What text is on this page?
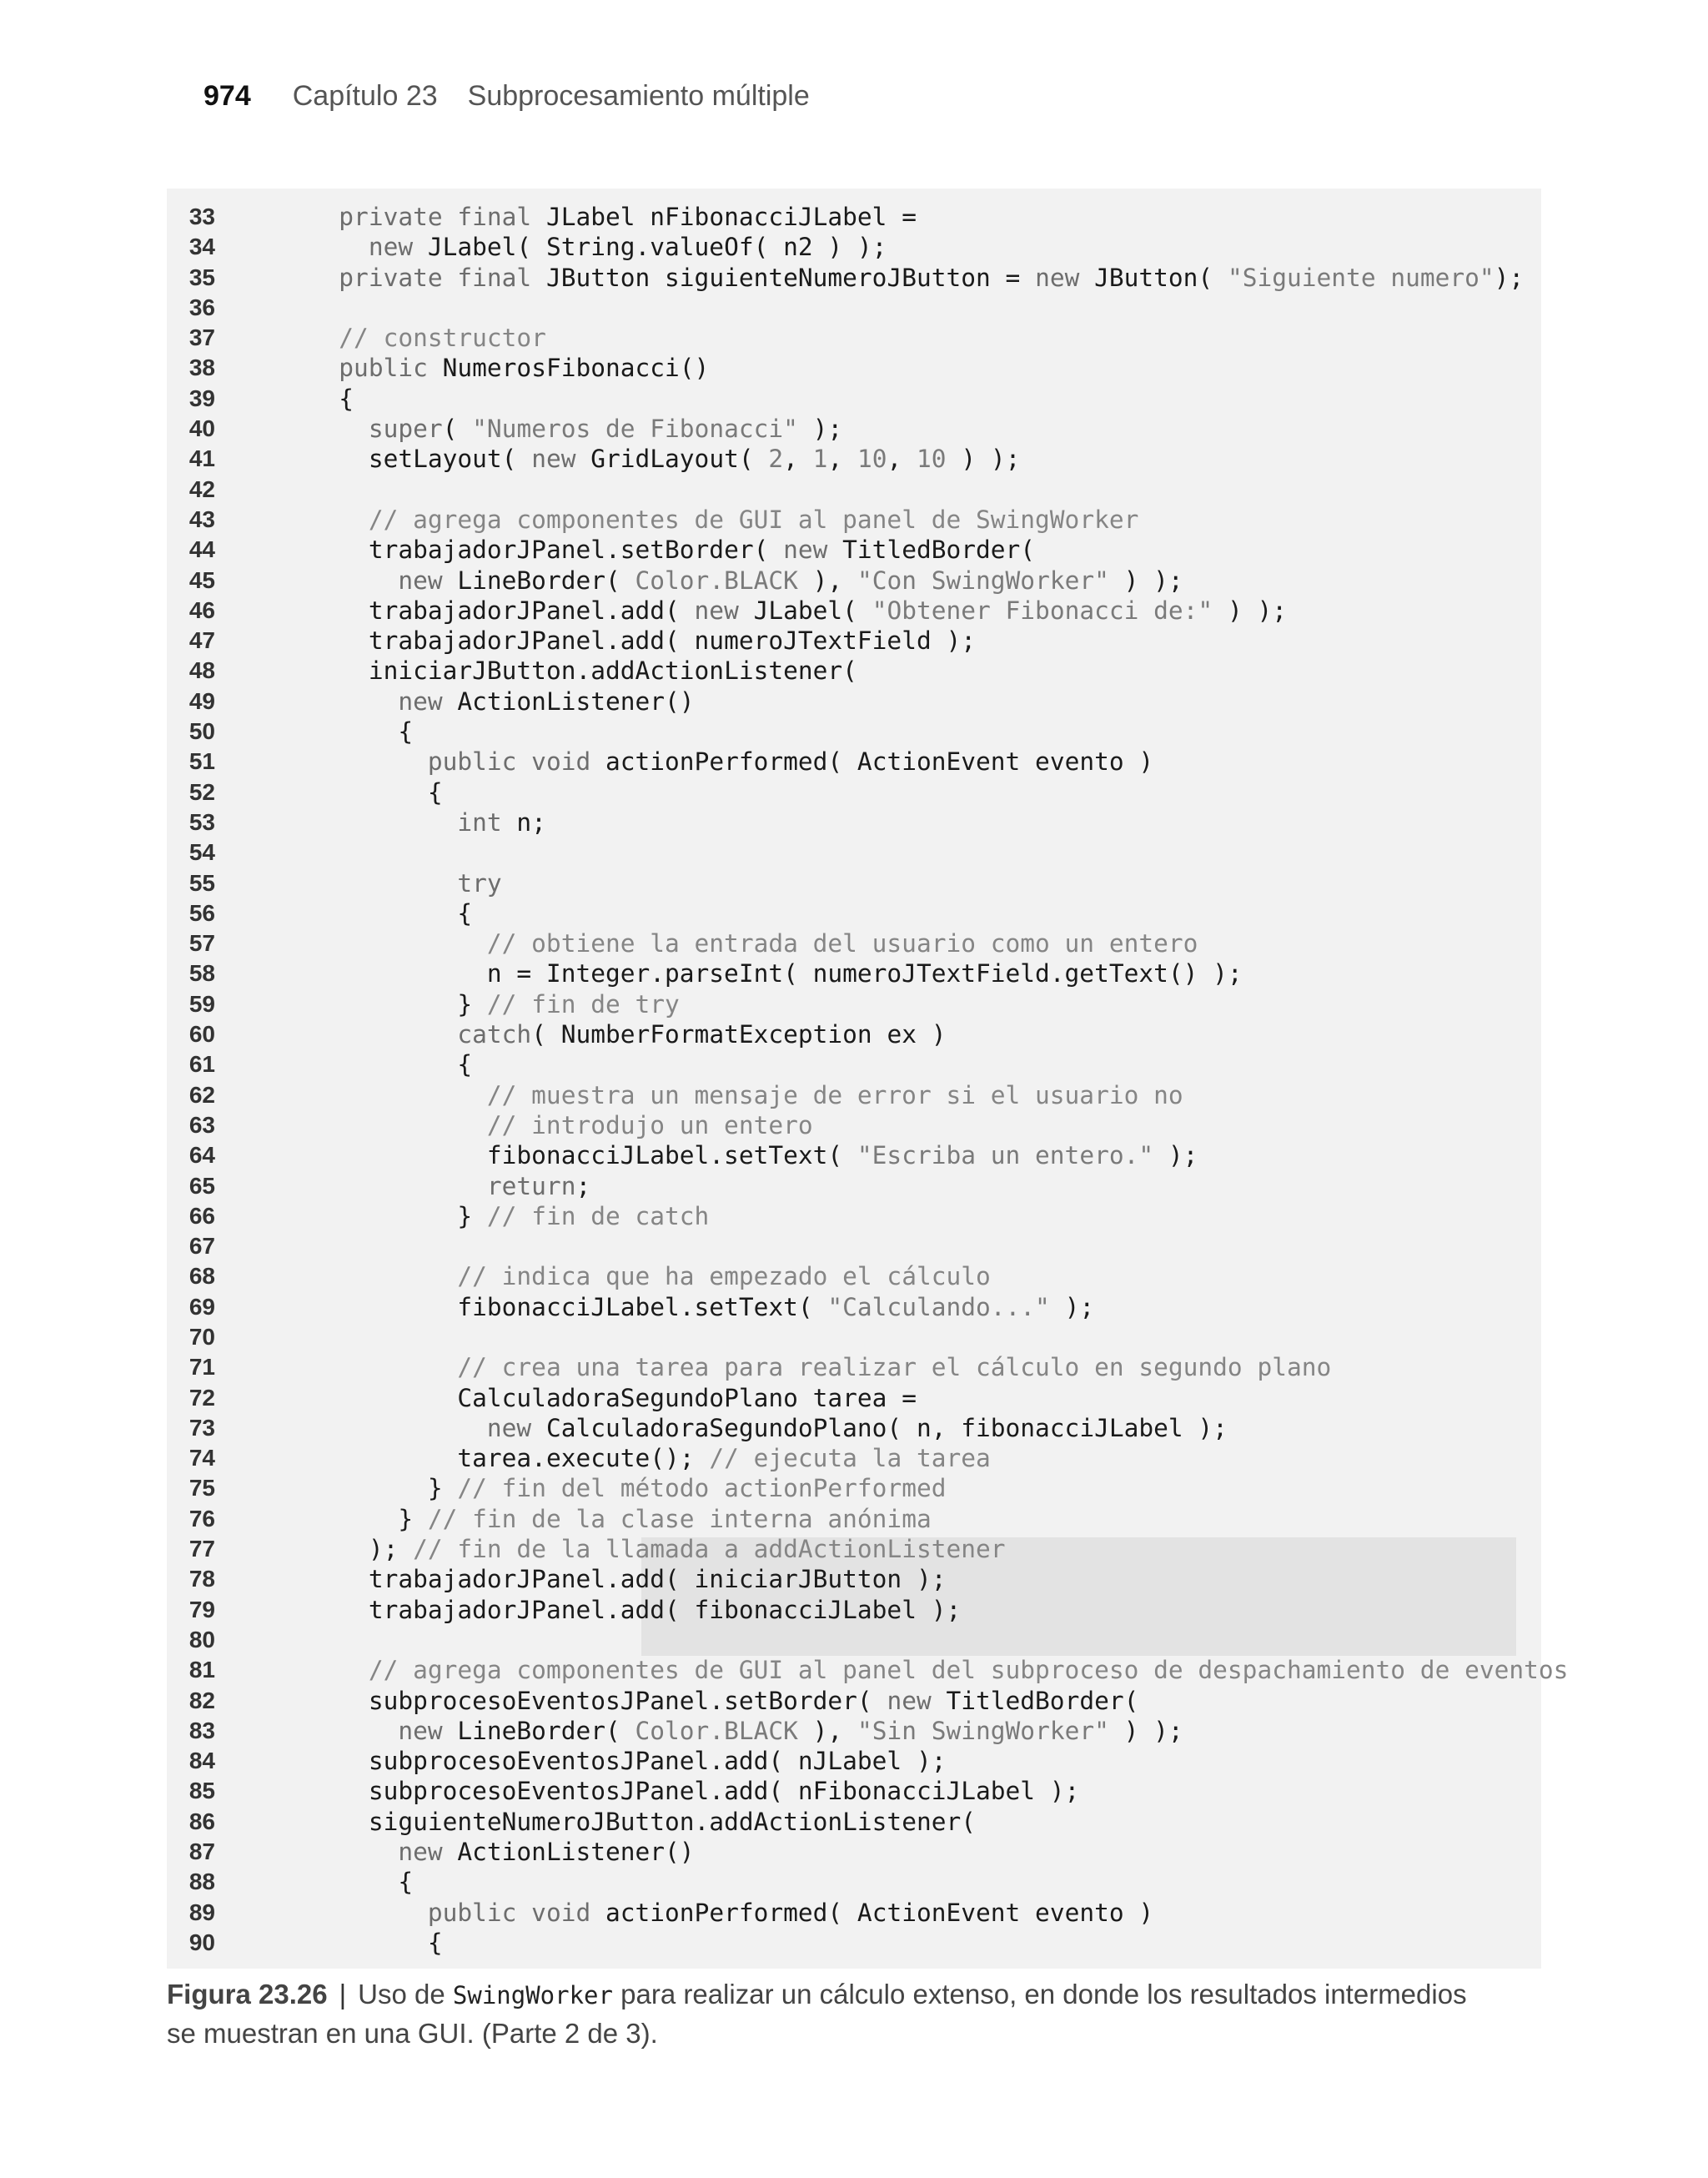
974 Capítulo 23 Subprocesamiento múltiple
33	private final JLabel nFibonacciJLabel =
34	new JLabel( String.valueOf( n2 ) );
35	private final JButton siguienteNumeroJButton = new JButton( "Siguiente numero");
36
37	// constructor
38	public NumerosFibonacci()
39	{
40	super( "Numeros de Fibonacci" );
41	setLayout( new GridLayout( 2, 1, 10, 10 ) );
42
43	// agrega componentes de GUI al panel de SwingWorker
44	trabajadorJPanel.setBorder( new TitledBorder(
45	new LineBorder( Color.BLACK ), "Con SwingWorker" ) );
46	trabajadorJPanel.add( new JLabel( "Obtener Fibonacci de:" ) );
47	trabajadorJPanel.add( numeroJTextField );
48	iniciarJButton.addActionListener(
49	new ActionListener()
50	{
51	public void actionPerformed( ActionEvent evento )
52	{
53	int n;
54
55	try
56	{
57	// obtiene la entrada del usuario como un entero
58	n = Integer.parseInt( numeroJTextField.getText() );
59	} // fin de try
60	catch( NumberFormatException ex )
61	{
62	// muestra un mensaje de error si el usuario no
63	// introdujo un entero
64	fibonacciJLabel.setText( "Escriba un entero." );
65	return;
66	} // fin de catch
67
68	// indica que ha empezado el cálculo
69	fibonacciJLabel.setText( "Calculando..." );
70
71	// crea una tarea para realizar el cálculo en segundo plano
72	CalculadoraSegundoPlano tarea =
73	new CalculadoraSegundoPlano( n, fibonacciJLabel );
74	tarea.execute(); // ejecuta la tarea
75	} // fin del método actionPerformed
76	} // fin de la clase interna anónima
77	); // fin de la llamada a addActionListener
78	trabajadorJPanel.add( iniciarJButton );
79	trabajadorJPanel.add( fibonacciJLabel );
80
81	// agrega componentes de GUI al panel del subproceso de despachamiento de eventos
82	subprocesoEventosJPanel.setBorder( new TitledBorder(
83	new LineBorder( Color.BLACK ), "Sin SwingWorker" ) );
84	subprocesoEventosJPanel.add( nJLabel );
85	subprocesoEventosJPanel.add( nFibonacciJLabel );
86	siguienteNumeroJButton.addActionListener(
87	new ActionListener()
88	{
89	public void actionPerformed( ActionEvent evento )
90	{
Figura 23.26 | Uso de SwingWorker para realizar un cálculo extenso, en donde los resultados intermedios se muestran en una GUI. (Parte 2 de 3).
